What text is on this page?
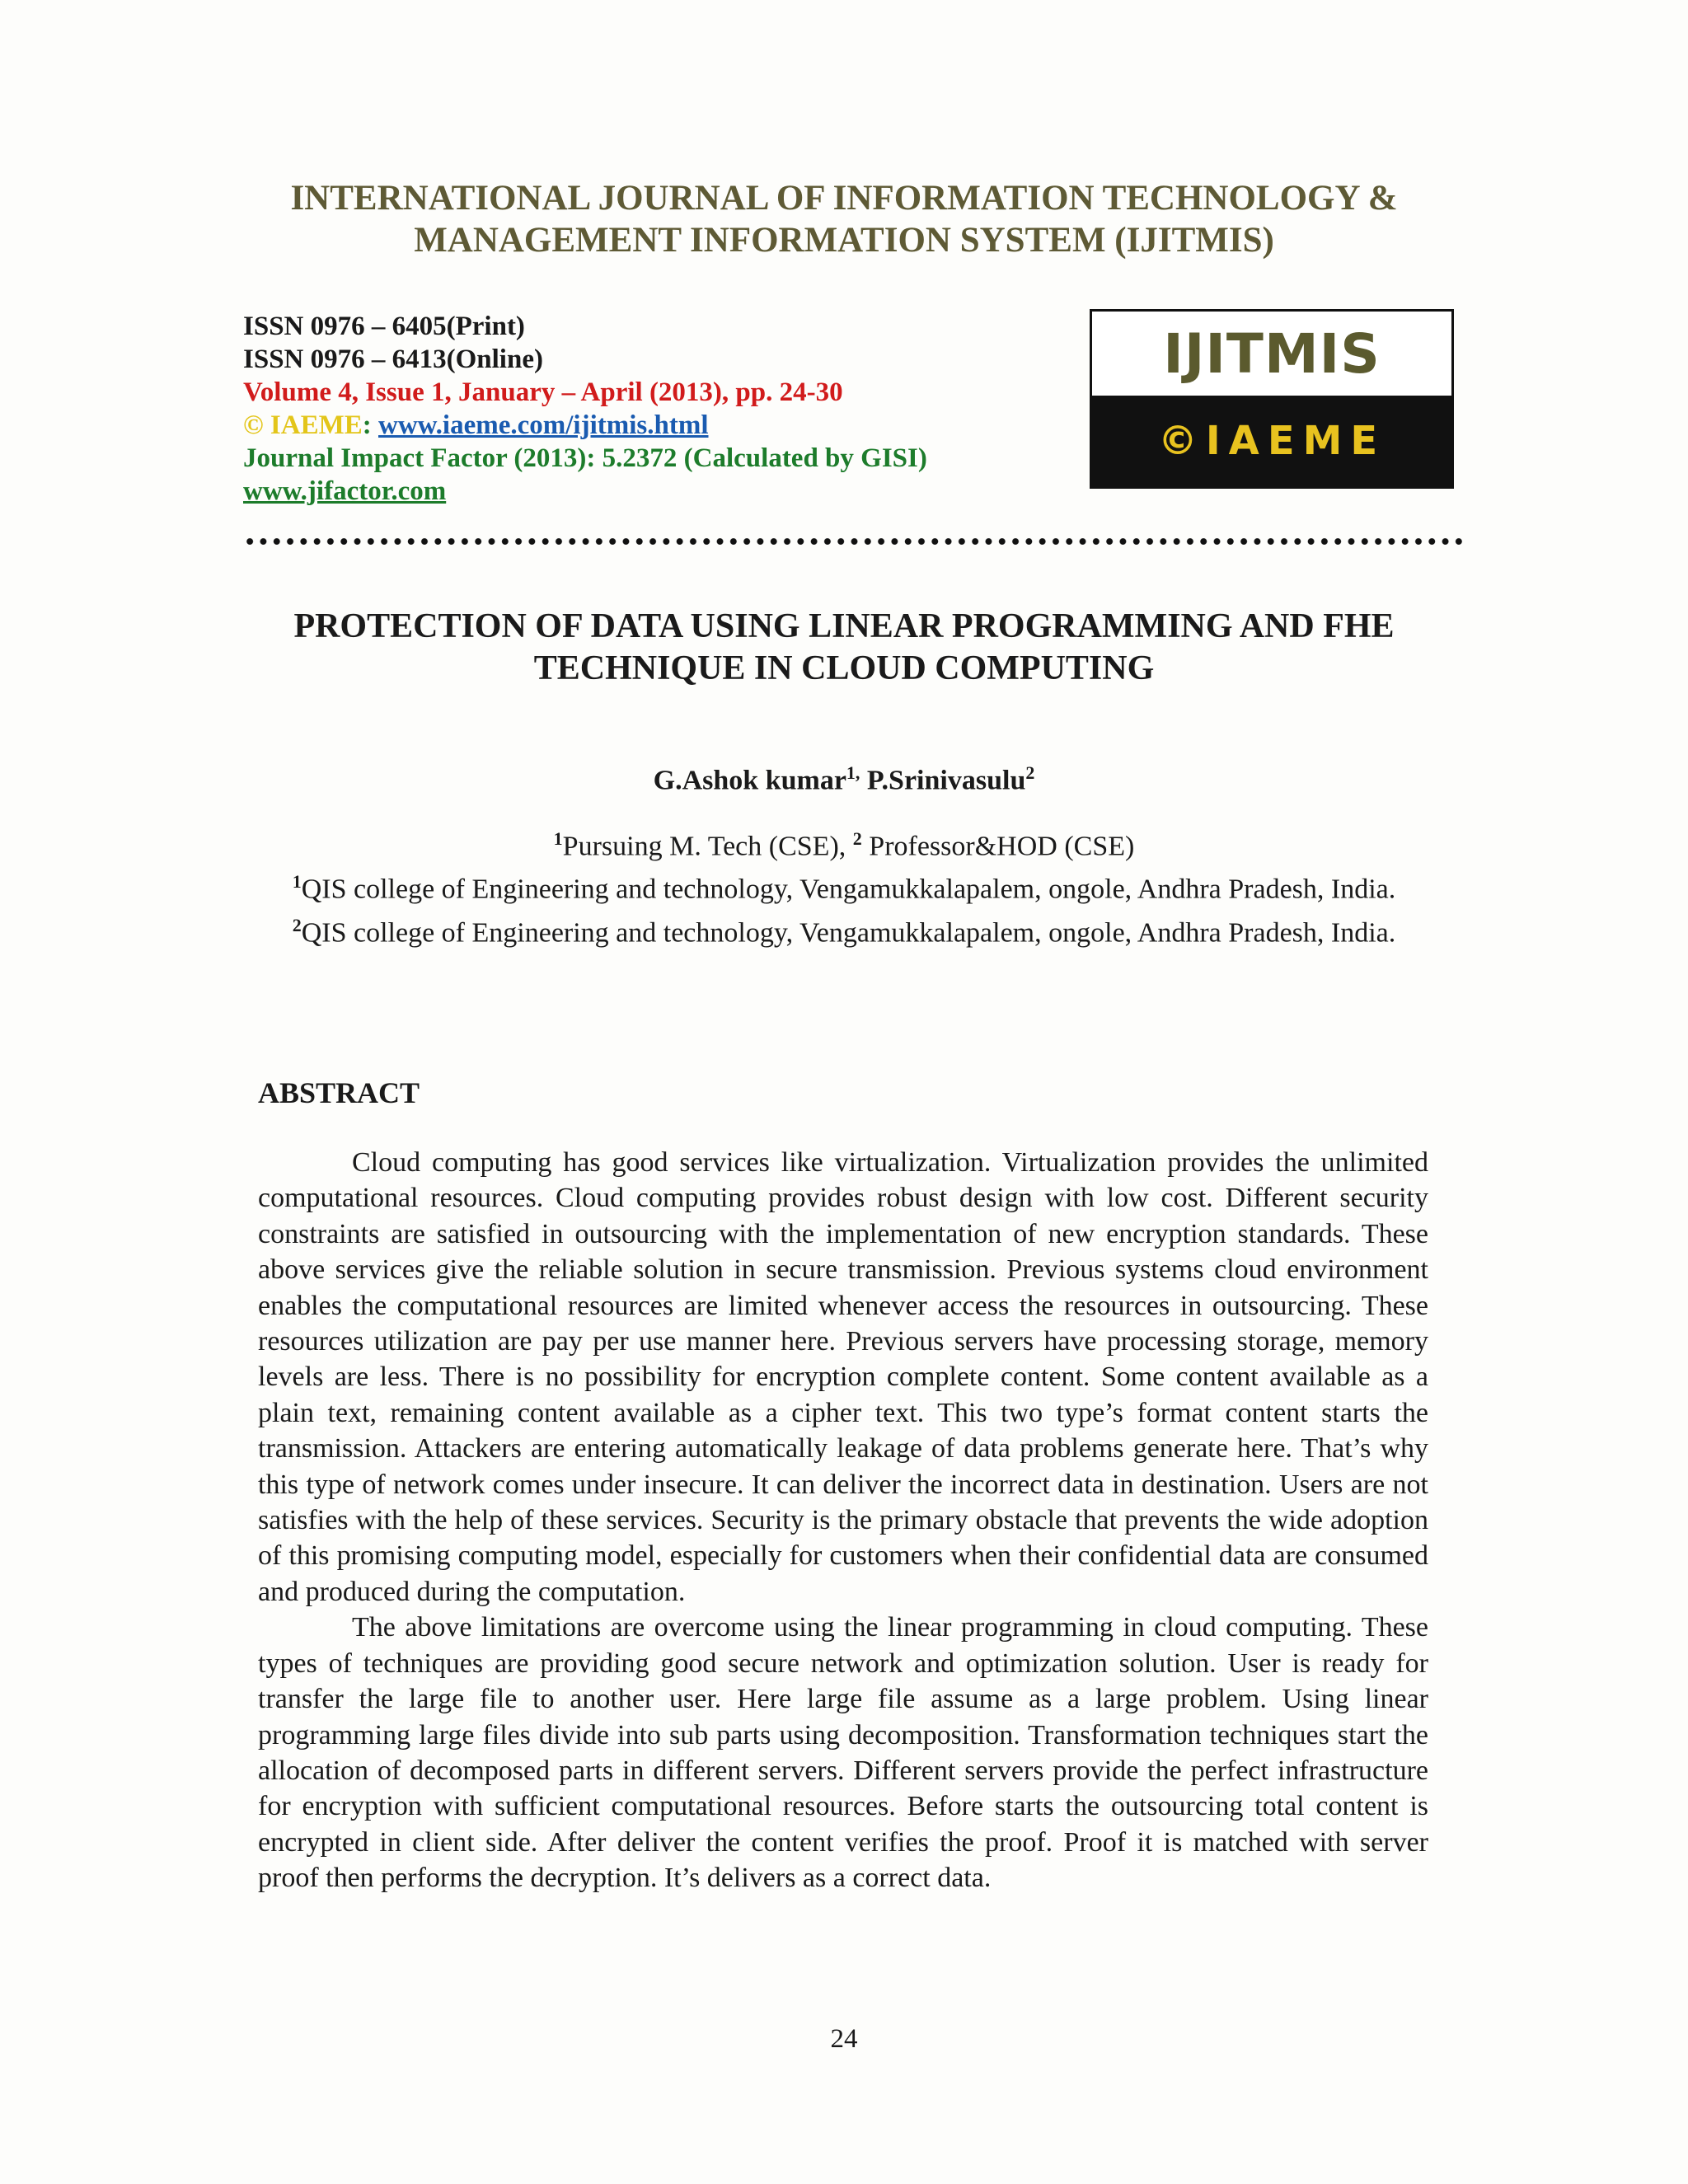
INTERNATIONAL JOURNAL OF INFORMATION TECHNOLOGY &
MANAGEMENT INFORMATION SYSTEM (IJITMIS)
ISSN 0976 – 6405(Print)
ISSN 0976 – 6413(Online)
Volume 4, Issue 1, January – April (2013), pp. 24-30
© IAEME: www.iaeme.com/ijitmis.html
Journal Impact Factor (2013): 5.2372 (Calculated by GISI)
www.jifactor.com
IJITMIS
©IAEME
PROTECTION OF DATA USING LINEAR PROGRAMMING AND FHE
TECHNIQUE IN CLOUD COMPUTING
G.Ashok kumar$^{1,}$ P.Srinivasulu$^2$
$^1$Pursuing M. Tech (CSE), $^2$ Professor&HOD (CSE)
$^1$QIS college of Engineering and technology, Vengamukkalapalem, ongole, Andhra Pradesh, India.
$^2$QIS college of Engineering and technology, Vengamukkalapalem, ongole, Andhra Pradesh, India.
ABSTRACT

Cloud computing has good services like virtualization. Virtualization provides the unlimited computational resources. Cloud computing provides robust design with low cost. Different security constraints are satisfied in outsourcing with the implementation of new encryption standards. These above services give the reliable solution in secure transmission. Previous systems cloud environment enables the computational resources are limited whenever access the resources in outsourcing. These resources utilization are pay per use manner here. Previous servers have processing storage, memory levels are less. There is no possibility for encryption complete content. Some content available as a plain text, remaining content available as a cipher text. This two type’s format content starts the transmission. Attackers are entering automatically leakage of data problems generate here. That’s why this type of network comes under insecure. It can deliver the incorrect data in destination. Users are not satisfies with the help of these services. Security is the primary obstacle that prevents the wide adoption of this promising computing model, especially for customers when their confidential data are consumed and produced during the computation.

The above limitations are overcome using the linear programming in cloud computing. These types of techniques are providing good secure network and optimization solution. User is ready for transfer the large file to another user. Here large file assume as a large problem. Using linear programming large files divide into sub parts using decomposition. Transformation techniques start the allocation of decomposed parts in different servers. Different servers provide the perfect infrastructure for encryption with sufficient computational resources. Before starts the outsourcing total content is encrypted in client side. After deliver the content verifies the proof. Proof it is matched with server proof then performs the decryption. It’s delivers as a correct data.

24
